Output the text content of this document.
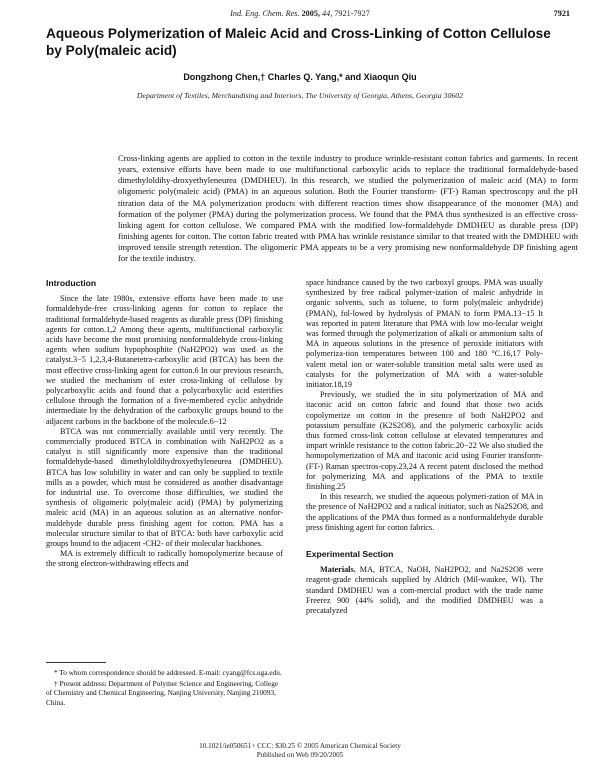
Ind. Eng. Chem. Res. 2005, 44, 7921-7927	7921
Aqueous Polymerization of Maleic Acid and Cross-Linking of Cotton Cellulose by Poly(maleic acid)
Dongzhong Chen,† Charles Q. Yang,* and Xiaoqun Qiu
Department of Textiles, Merchandising and Interiors, The University of Georgia, Athens, Georgia 30602

Cross-linking agents are applied to cotton in the textile industry to produce wrinkle-resistant cotton fabrics and garments. In recent years, extensive efforts have been made to use multifunctional carboxylic acids to replace the traditional formaldehyde-based dimethyloldihy-droxyethyleneurea (DMDHEU). In this research, we studied the polymerization of maleic acid (MA) to form oligomeric poly(maleic acid) (PMA) in an aqueous solution. Both the Fourier transform- (FT-) Raman spectroscopy and the pH titration data of the MA polymerization products with different reaction times show disappearance of the monomer (MA) and formation of the polymer (PMA) during the polymerization process. We found that the PMA thus synthesized is an effective cross-linking agent for cotton cellulose. We compared PMA with the modified low-formaldehyde DMDHEU as durable press (DP) finishing agents for cotton. The cotton fabric treated with PMA has wrinkle resistance similar to that treated with the DMDHEU with improved tensile strength retention. The oligomeric PMA appears to be a very promising new nonformaldehyde DP finishing agent for the textile industry.

Introduction

Since the late 1980s, extensive efforts have been made to use formaldehyde-free cross-linking agents for cotton to replace the traditional formaldehyde-based reagents as durable press (DP) finishing agents for cotton.1,2 Among these agents, multifunctional carboxylic acids have become the most promising nonformaldehyde cross-linking agents when sodium hypophosphite (NaH2PO2) was used as the catalyst.3−5 1,2,3,4-Butanetetra-carboxylic acid (BTCA) has been the most effective cross-linking agent for cotton.6 In our previous research, we studied the mechanism of ester cross-linking of cellulose by polycarboxylic acids and found that a polycarboxylic acid esterifies cellulose through the formation of a five-membered cyclic anhydride intermediate by the dehydration of the carboxylic groups bound to the adjacent carbons in the backbone of the molecule.6−12

BTCA was not commercially available until very recently. The commercially produced BTCA in combination with NaH2PO2 as a catalyst is still significantly more expensive than the traditional formaldehyde-based dimethyloldihydroxyethyleneurea (DMDHEU). BTCA has low solubility in water and can only be supplied to textile mills as a powder, which must be considered as another disadvantage for industrial use. To overcome those difficulties, we studied the synthesis of oligomeric poly(maleic acid) (PMA) by polymerizing maleic acid (MA) in an aqueous solution as an alternative nonfor-maldehyde durable press finishing agent for cotton. PMA has a molecular structure similar to that of BTCA: both have carboxylic acid groups bound to the adjacent -CH2- of their molecular backbones.

MA is extremely difficult to radically homopolymerize because of the strong electron-withdrawing effects and

space hindrance caused by the two carboxyl groups. PMA was usually synthesized by free radical polymer-ization of maleic anhydride in organic solvents, such as toluene, to form poly(maleic anhydride) (PMAN), fol-lowed by hydrolysis of PMAN to form PMA.13−15 It was reported in patent literature that PMA with low mo-lecular weight was formed through the polymerization of alkali or ammonium salts of MA in aqueous solutions in the presence of peroxide initiators with polymeriza-tion temperatures between 100 and 180 °C.16,17 Poly-valent metal ion or water-soluble transition metal salts were used as catalysts for the polymerization of MA with a water-soluble initiator.18,19

Previously, we studied the in situ polymerization of MA and itaconic acid on cotton fabric and found that those two acids copolymerize on cotton in the presence of both NaH2PO2 and potassium persulfate (K2S2O8), and the polymeric carboxylic acids thus formed cross-link cotton cellulose at elevated temperatures and impart wrinkle resistance to the cotton fabric.20−22 We also studied the homopolymerization of MA and itaconic acid using Fourier transform- (FT-) Raman spectros-copy.23,24 A recent patent disclosed the method for polymerizing MA and applications of the PMA to textile finishing.25

In this research, we studied the aqueous polymeri-zation of MA in the presence of NaH2PO2 and a radical initiator, such as Na2S2O8, and the applications of the PMA thus formed as a nonformaldehyde durable press finishing agent for cotton fabrics.

Experimental Section

Materials. MA, BTCA, NaOH, NaH2PO2, and Na2S2O8 were reagent-grade chemicals supplied by Aldrich (Mil-waukee, WI). The standard DMDHEU was a com-mercial product with the trade name Freerez 900 (44% solid), and the modified DMDHEU was a precatalyzed

* To whom correspondence should be addressed. E-mail: cyang@fcs.uga.edu.

† Present address: Department of Polymer Science and Engineering, College of Chemistry and Chemical Engineering, Nanjing University, Nanjing 210093, China.

10.1021/ie050651+ CCC: $30.25 © 2005 American Chemical Society
Published on Web 09/20/2005
